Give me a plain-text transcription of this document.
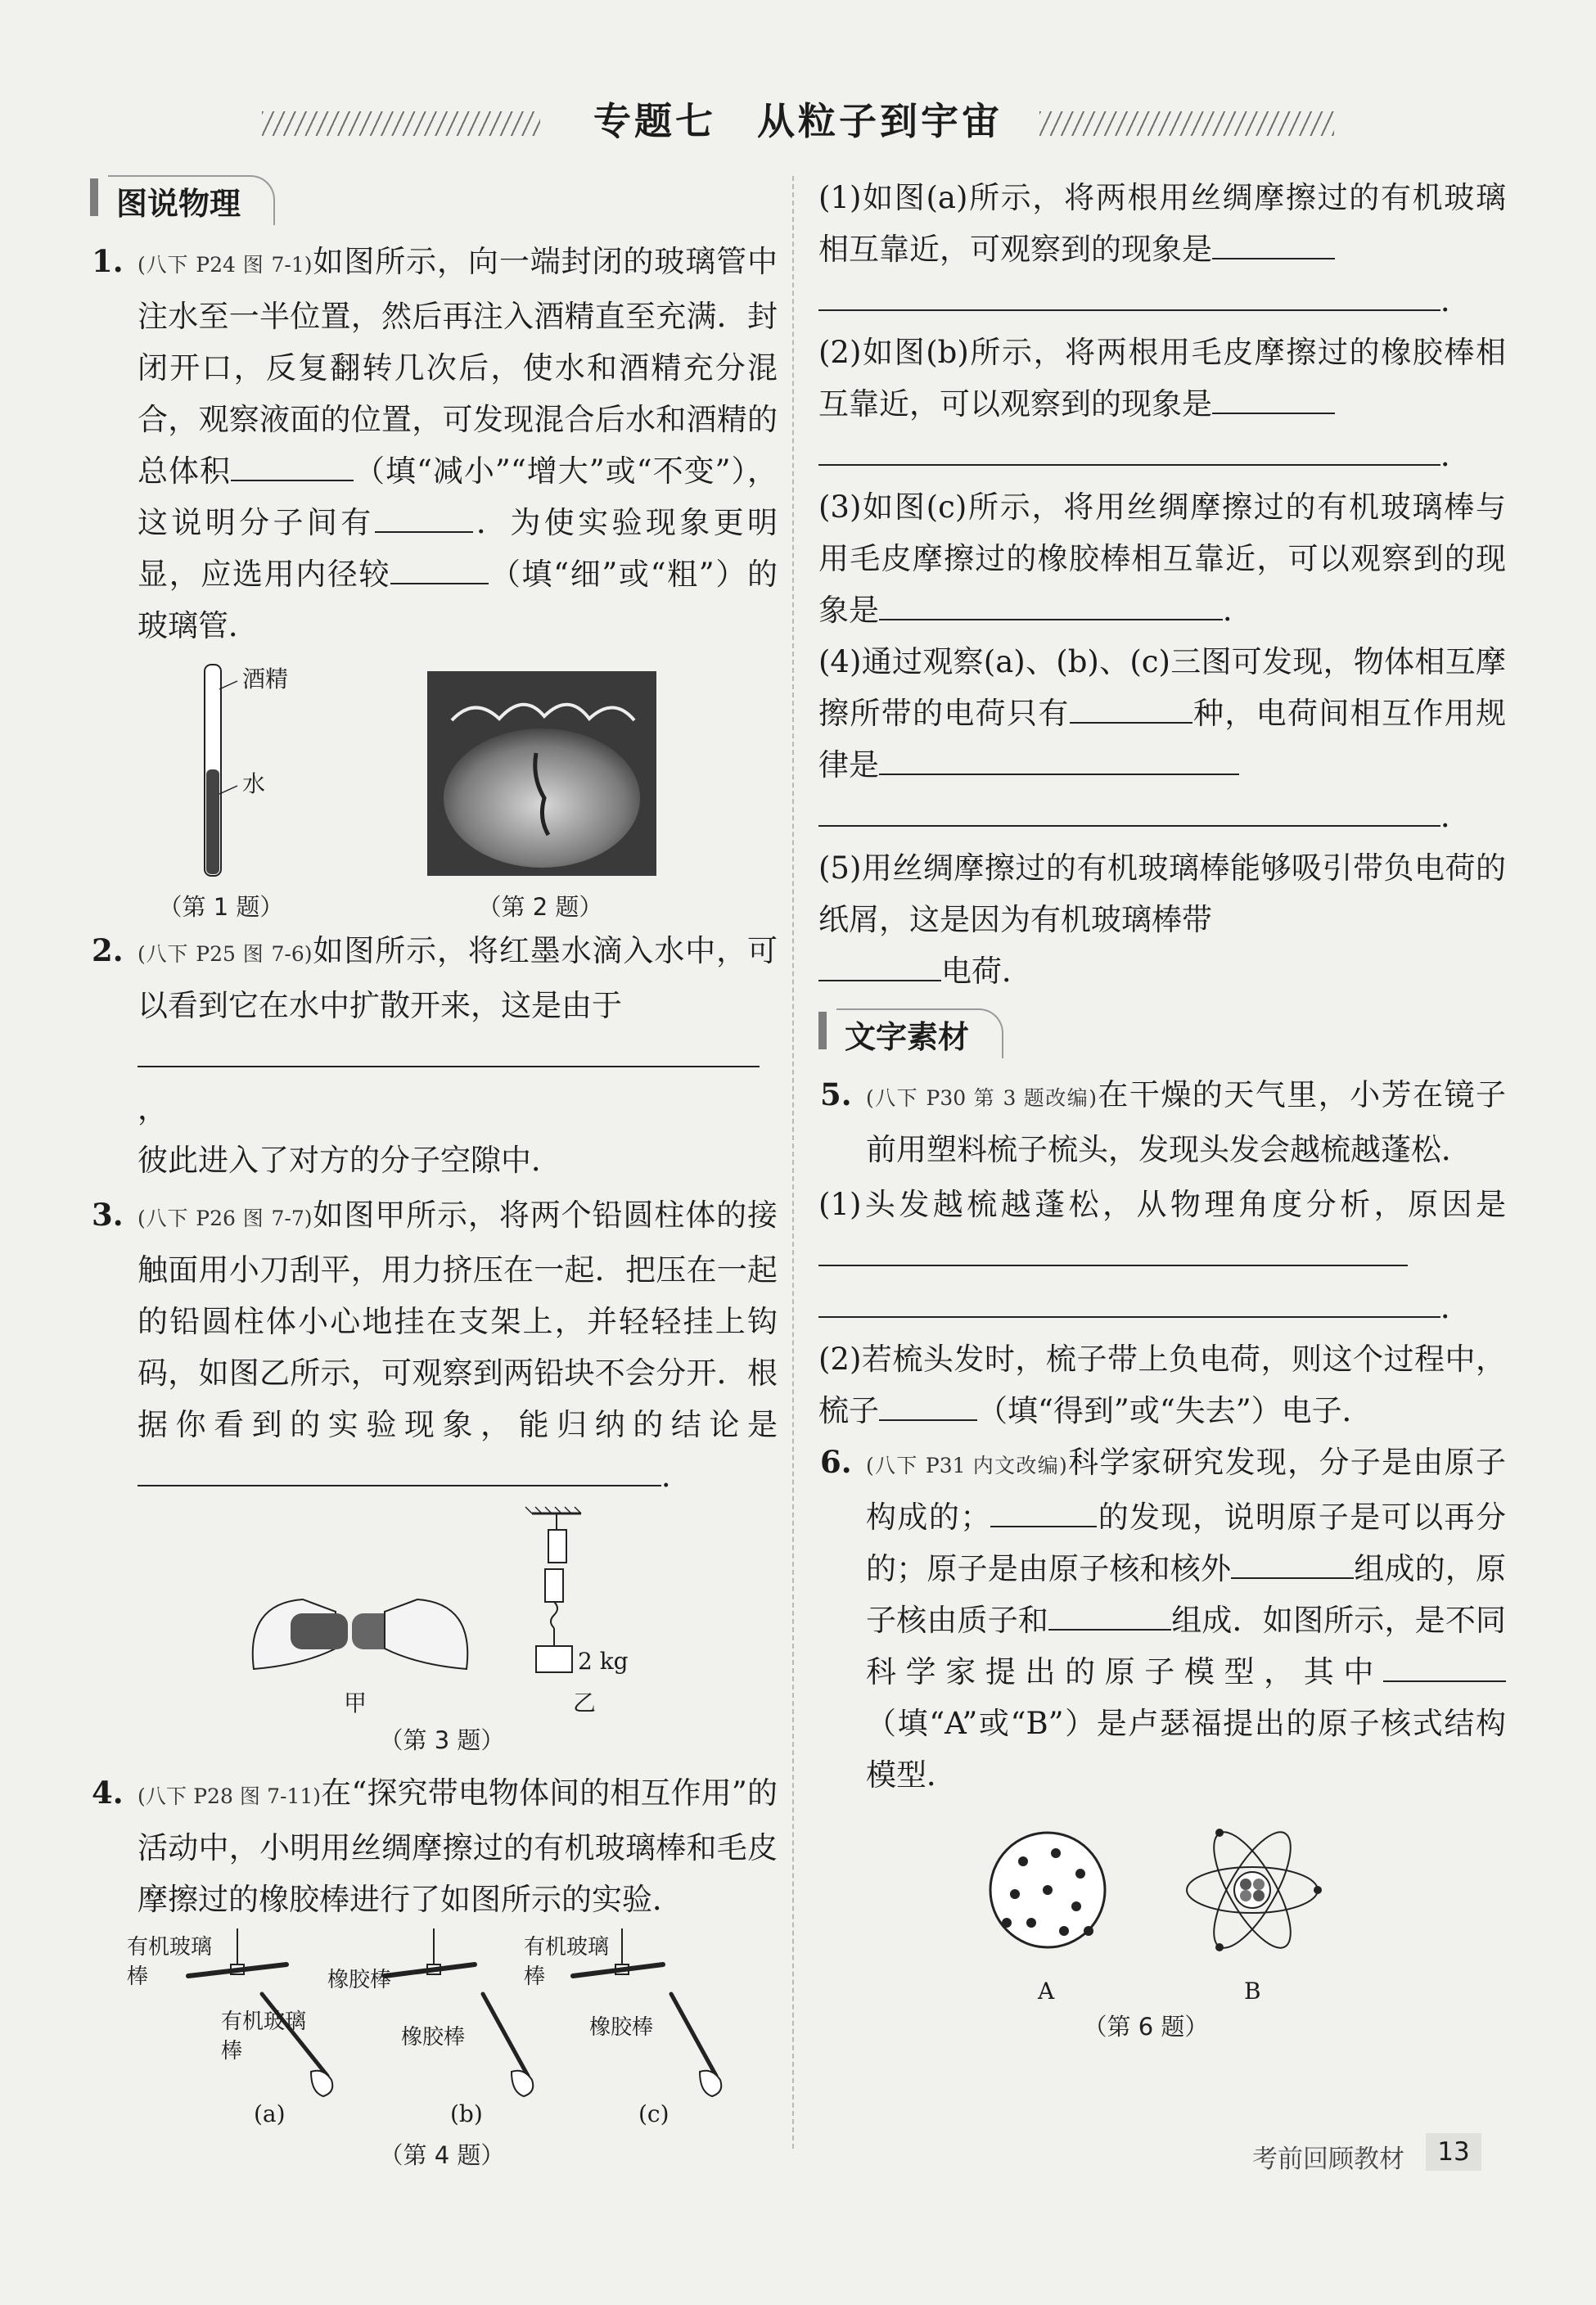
专题七　从粒子到宇宙
图说物理
1. (八下 P24 图 7-1)如图所示，向一端封闭的玻璃管中注水至一半位置，然后再注入酒精直至充满．封闭开口，反复翻转几次后，使水和酒精充分混合，观察液面的位置，可发现混合后水和酒精的总体积	（填“减小”“增大”或“不变”），这说明分子间有	．为使实验现象更明显，应选用内径较	（填“细”或“粗”）的玻璃管．
酒精
水
（第 1 题）	（第 2 题）
2. (八下 P25 图 7-6)如图所示，将红墨水滴入水中，可以看到它在水中扩散开来，这是由于
，
彼此进入了对方的分子空隙中．
3. (八下 P26 图 7-7)如图甲所示，将两个铅圆柱体的接触面用小刀刮平，用力挤压在一起．把压在一起的铅圆柱体小心地挂在支架上，并轻轻挂上钩码，如图乙所示，可观察到两铅块不会分开．根据你看到的实验现象，能归纳的结论是．
2 kg
甲	乙
（第 3 题）
4. (八下 P28 图 7-11)在“探究带电物体间的相互作用”的活动中，小明用丝绸摩擦过的有机玻璃棒和毛皮摩擦过的橡胶棒进行了如图所示的实验．
有机玻璃棒
有机玻璃棒
橡胶棒
橡胶棒
有机玻璃棒
橡胶棒
(a)	(b)	(c)
（第 4 题）
(1)如图(a)所示，将两根用丝绸摩擦过的有机玻璃相互靠近，可观察到的现象是
．
(2)如图(b)所示，将两根用毛皮摩擦过的橡胶棒相互靠近，可以观察到的现象是
．
(3)如图(c)所示，将用丝绸摩擦过的有机玻璃棒与用毛皮摩擦过的橡胶棒相互靠近，可以观察到的现象是	．
(4)通过观察(a)、(b)、(c)三图可发现，物体相互摩擦所带的电荷只有	种，电荷间相互作用规律是
．
(5)用丝绸摩擦过的有机玻璃棒能够吸引带负电荷的纸屑，这是因为有机玻璃棒带
电荷．
文字素材
5. (八下 P30 第 3 题改编)在干燥的天气里，小芳在镜子前用塑料梳子梳头，发现头发会越梳越蓬松．
(1)头发越梳越蓬松，从物理角度分析，原因是
．
(2)若梳头发时，梳子带上负电荷，则这个过程中，梳子	（填“得到”或“失去”）电子．
6. (八下 P31 内文改编)科学家研究发现，分子是由原子构成的；	的发现，说明原子是可以再分的；原子是由原子核和核外	组成的，原子核由质子和	组成．如图所示，是不同科学家提出的原子模型，其中（填“A”或“B”）是卢瑟福提出的原子核式结构模型．
A	B
（第 6 题）
考前回顾教材	13
